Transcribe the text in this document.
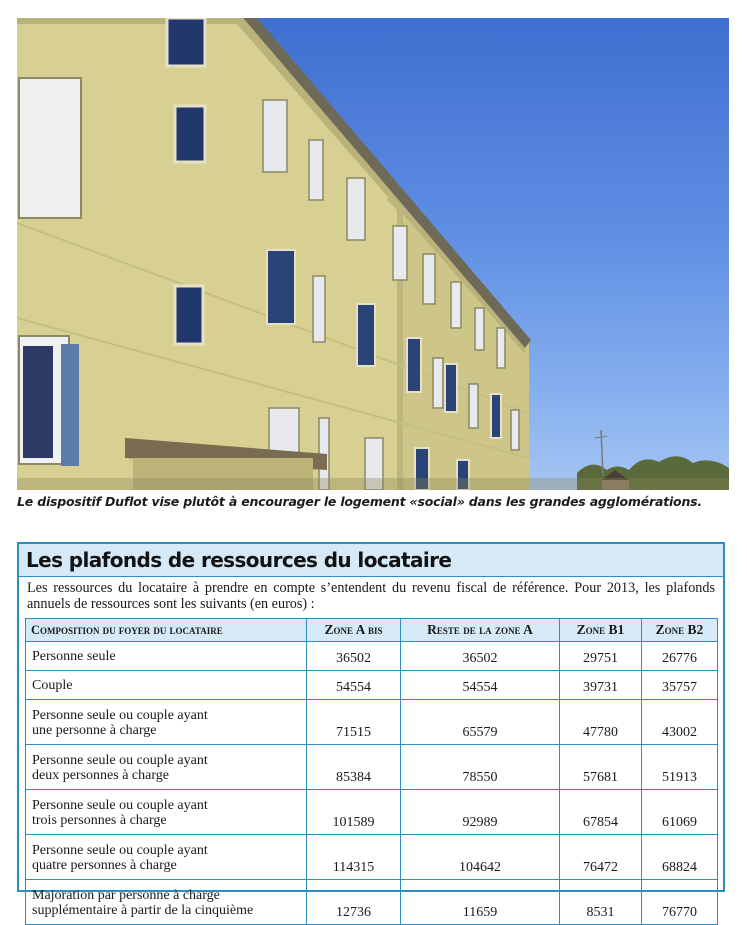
Le dispositif Duflot vise plutôt à encourager le logement «social» dans les grandes agglomérations.
Les plafonds de ressources du locataire
Les ressources du locataire à prendre en compte s’entendent du revenu fiscal de référence. Pour 2013, les plafonds annuels de ressources sont les suivants (en euros) :
Composition du foyer du locataire	Zone A bis	Reste de la zone A	Zone B1	Zone B2
Personne seule	36502	36502	29751	26776
Couple	54554	54554	39731	35757
Personne seule ou couple ayant
une personne à charge	71515	65579	47780	43002
Personne seule ou couple ayant
deux personnes à charge	85384	78550	57681	51913
Personne seule ou couple ayant
trois personnes à charge	101589	92989	67854	61069
Personne seule ou couple ayant
quatre personnes à charge	114315	104642	76472	68824
Majoration par personne à charge
supplémentaire à partir de la cinquième	12736	11659	8531	76770
